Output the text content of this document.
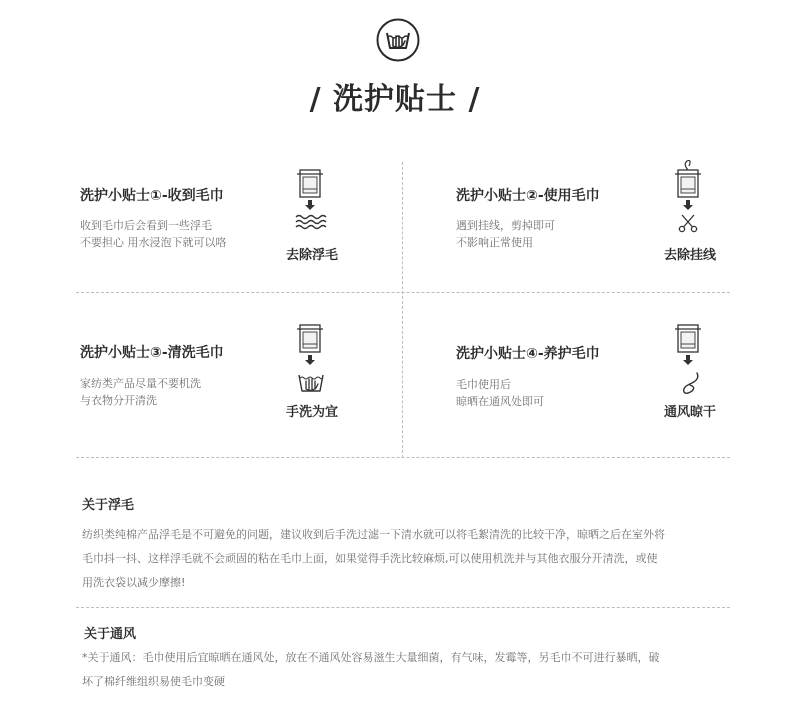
/ 洗护贴士 /
洗护小贴士①-收到毛巾
收到毛巾后会看到一些浮毛
不要担心 用水浸泡下就可以咯
去除浮毛
洗护小贴士②-使用毛巾
遇到挂线，剪掉即可
不影响正常使用
去除挂线
洗护小贴士③-清洗毛巾
家纺类产品尽量不要机洗
与衣物分开清洗
手洗为宜
洗护小贴士④-养护毛巾
毛巾使用后
晾晒在通风处即可
通风晾干
关于浮毛
纺织类纯棉产品浮毛是不可避免的问题，建议收到后手洗过滤一下清水就可以将毛絮清洗的比较干净，晾晒之后在室外将
毛巾抖一抖、这样浮毛就不会顽固的粘在毛巾上面，如果觉得手洗比较麻烦,可以使用机洗并与其他衣服分开清洗，或使
用洗衣袋以减少摩擦!
关于通风
*关于通风：毛巾使用后宜晾晒在通风处，放在不通风处容易滋生大量细菌，有气味，发霉等，另毛巾不可进行暴晒，破
坏了棉纤维组织易使毛巾变硬
